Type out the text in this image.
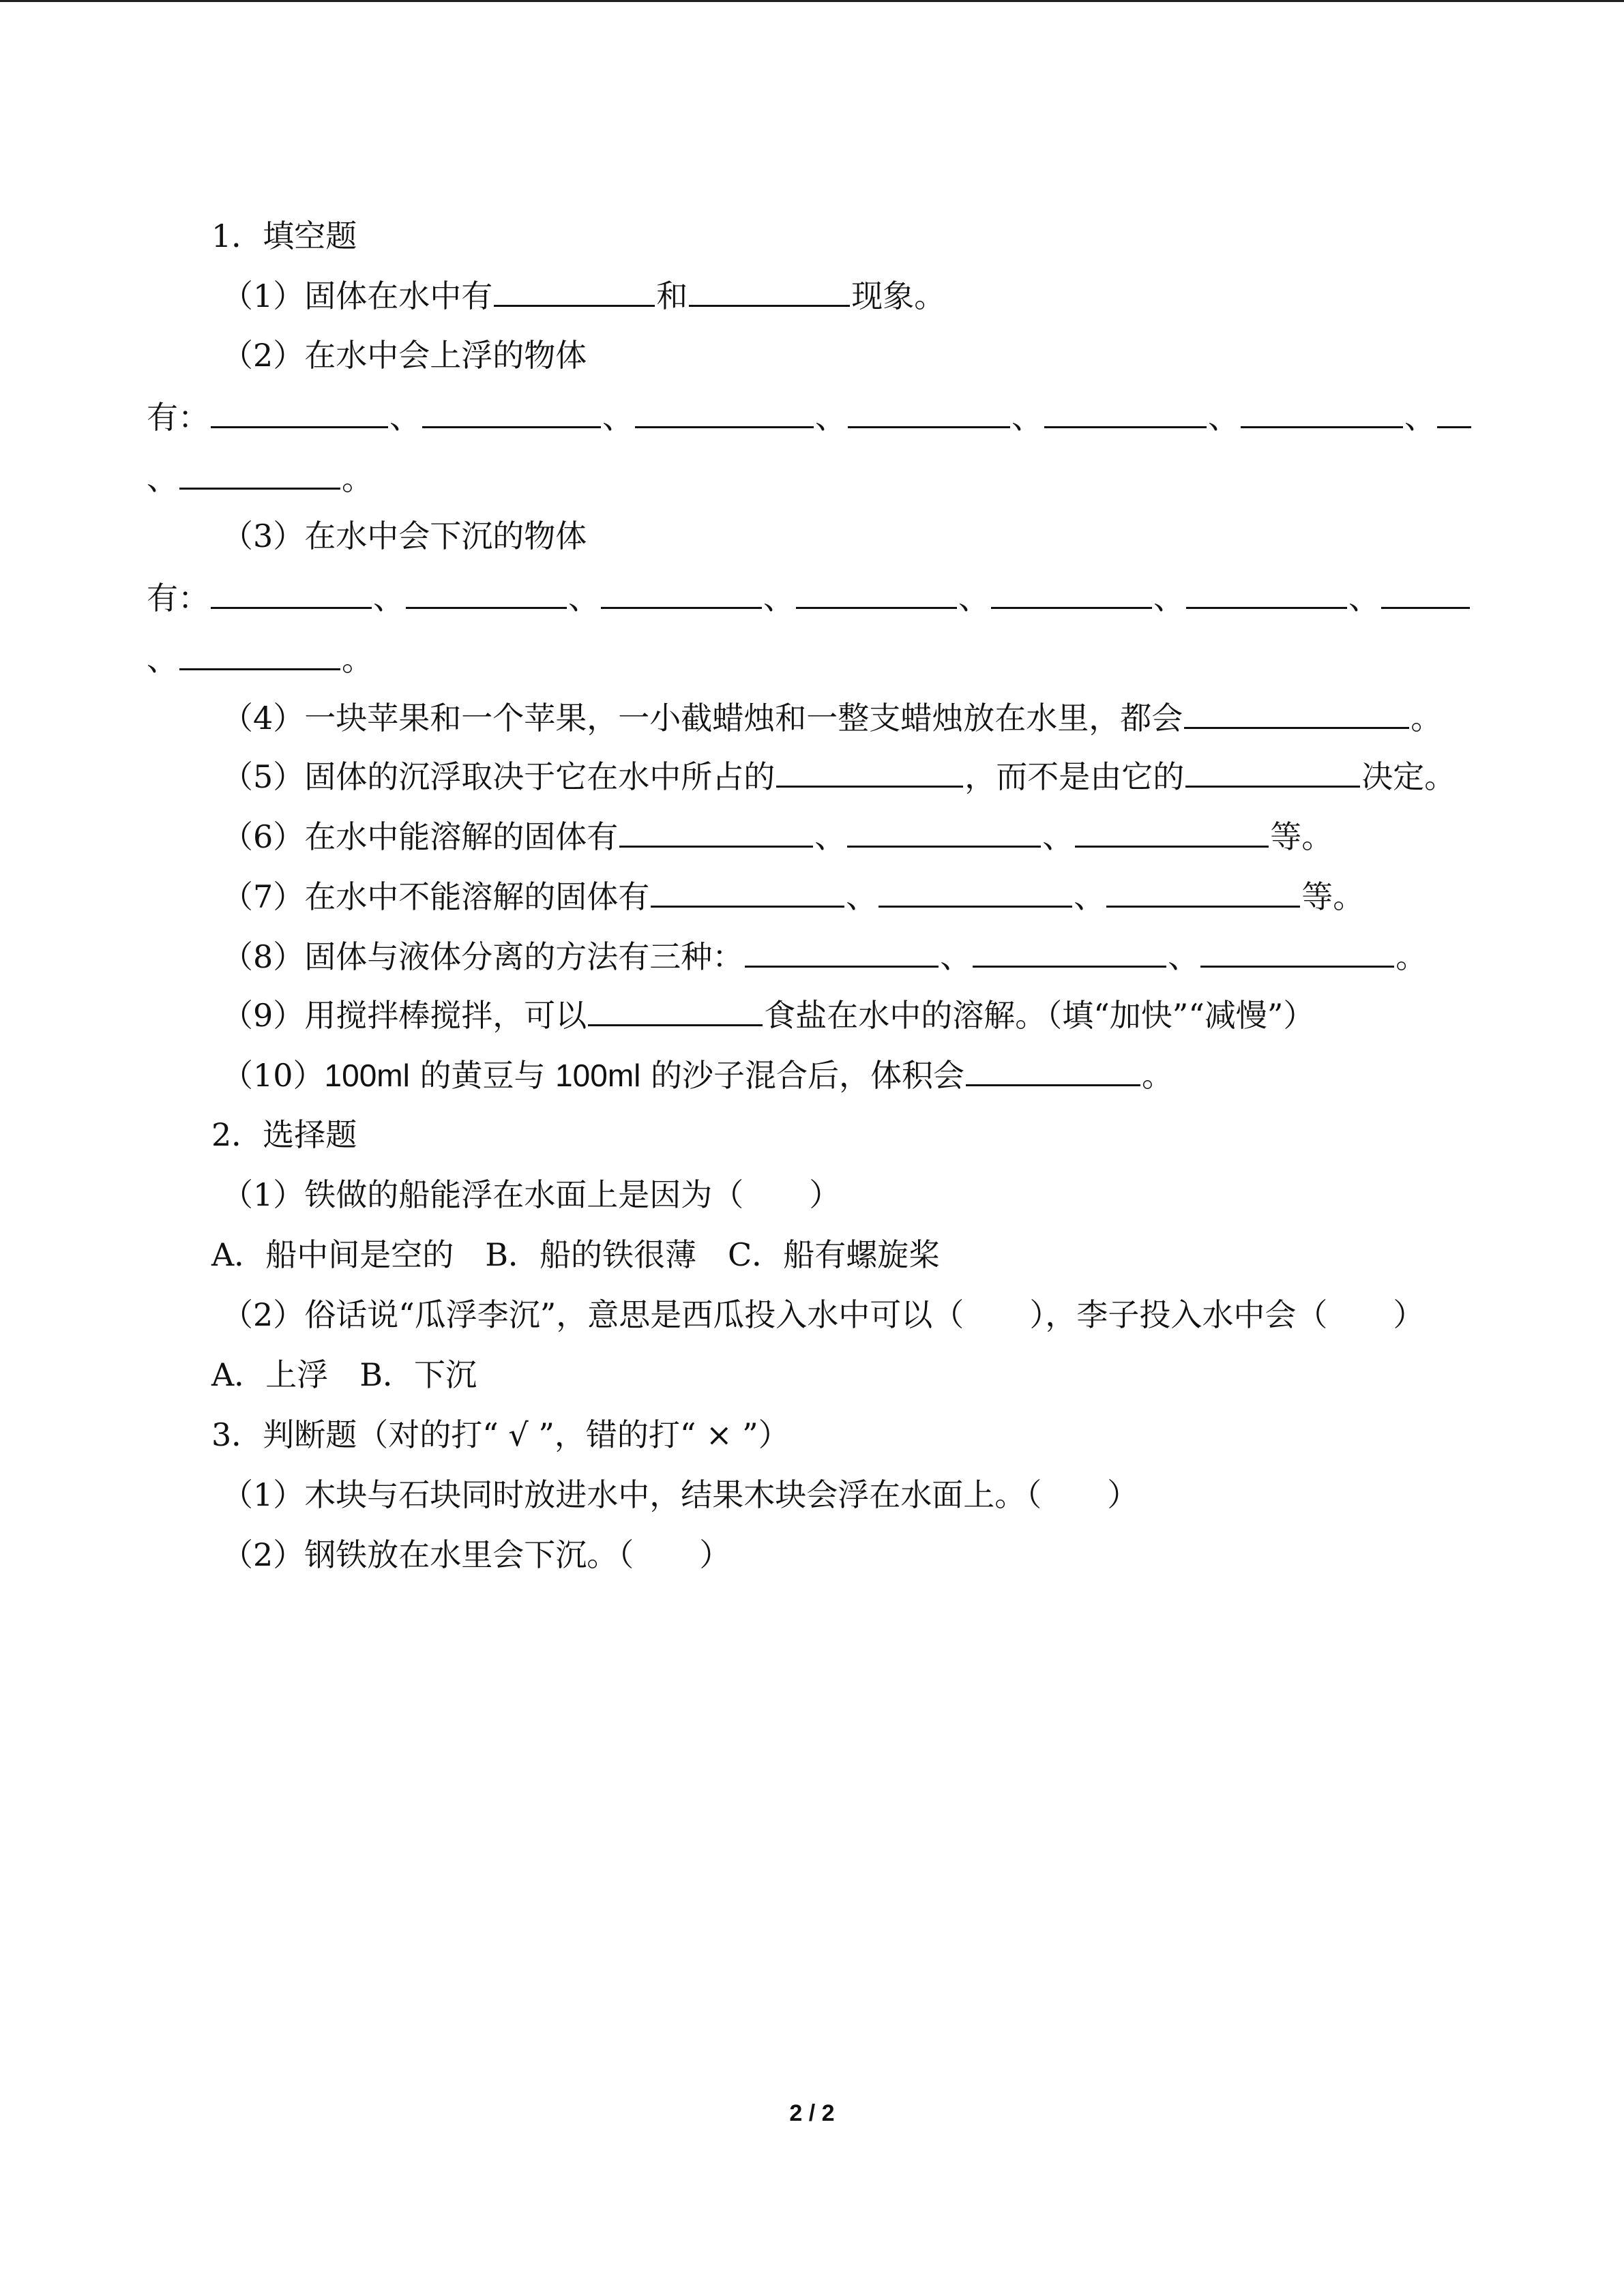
1．填空题
（1）固体在水中有	和	现象。
（2）在水中会上浮的物体
有：	、	、	、	、	、	、
、	。
（3）在水中会下沉的物体
有：	、	、	、	、	、	、
、	。
（4）一块苹果和一个苹果，一小截蜡烛和一整支蜡烛放在水里，都会	。
（5）固体的沉浮取决于它在水中所占的	，而不是由它的	决定。
（6）在水中能溶解的固体有	、	、	等。
（7）在水中不能溶解的固体有	、	、	等。
（8）固体与液体分离的方法有三种：	、	、	。
（9）用搅拌棒搅拌，可以	食盐在水中的溶解。（填“加快”“减慢”）
（10）100ml 的黄豆与 100ml 的沙子混合后，体积会	。
2．选择题
（1）铁做的船能浮在水面上是因为（ ）
A．船中间是空的　B．船的铁很薄　C．船有螺旋桨
（2）俗话说“瓜浮李沉”，意思是西瓜投入水中可以（ ），李子投入水中会（ ）
A．上浮　B．下沉
3．判断题（对的打“ √ ”，错的打“ × ”）
（1）木块与石块同时放进水中，结果木块会浮在水面上。（ ）
（2）钢铁放在水里会下沉。（ ）
2 / 2
